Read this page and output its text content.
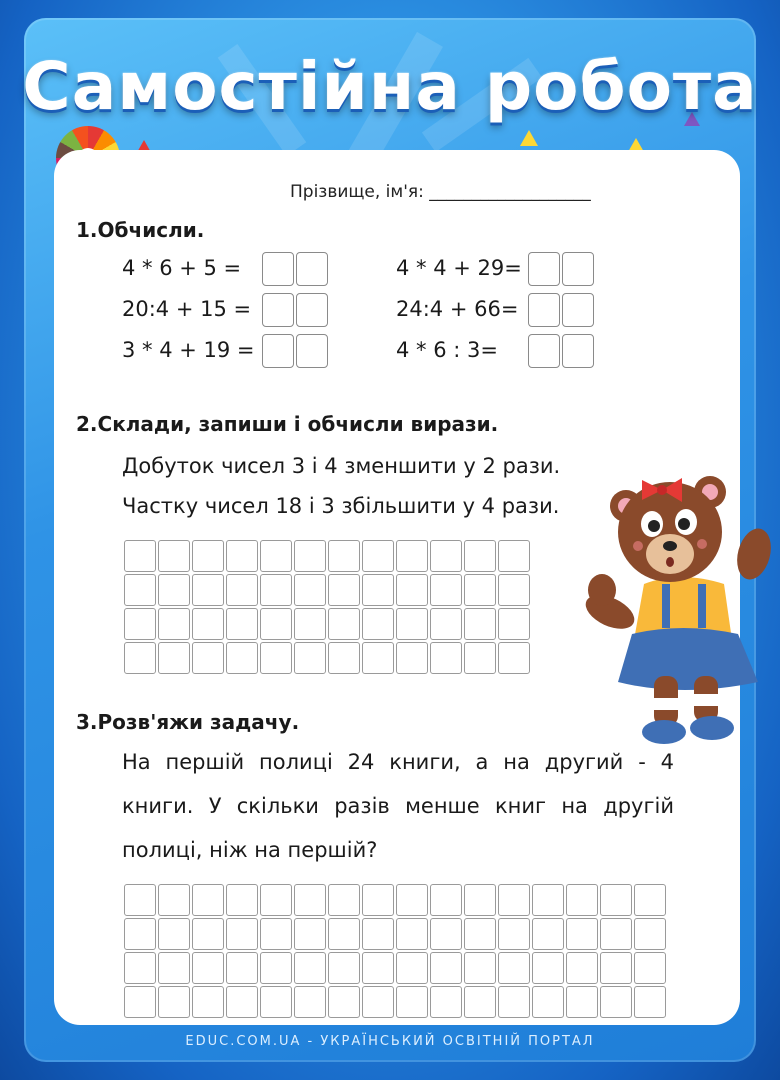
Самостійна робота
Прізвище, ім'я: ___________________
1.Обчисли.
4 * 6 + 5 =	4 * 4 + 29=
20:4 + 15 =	24:4 + 66=
3 * 4 + 19 =	4 * 6 : 3=
2.Склади, запиши і обчисли вирази.
Добуток чисел 3 і 4 зменшити у 2 рази.
Частку чисел 18 і 3 збільшити у 4 рази.
3.Розв'яжи задачу.
На першій полиці 24 книги, а на другий - 4 книги. У скільки разів менше книг на другій полиці, ніж на першій?
EDUC.COM.UA - УКРАЇНСЬКИЙ ОСВІТНІЙ ПОРТАЛ
